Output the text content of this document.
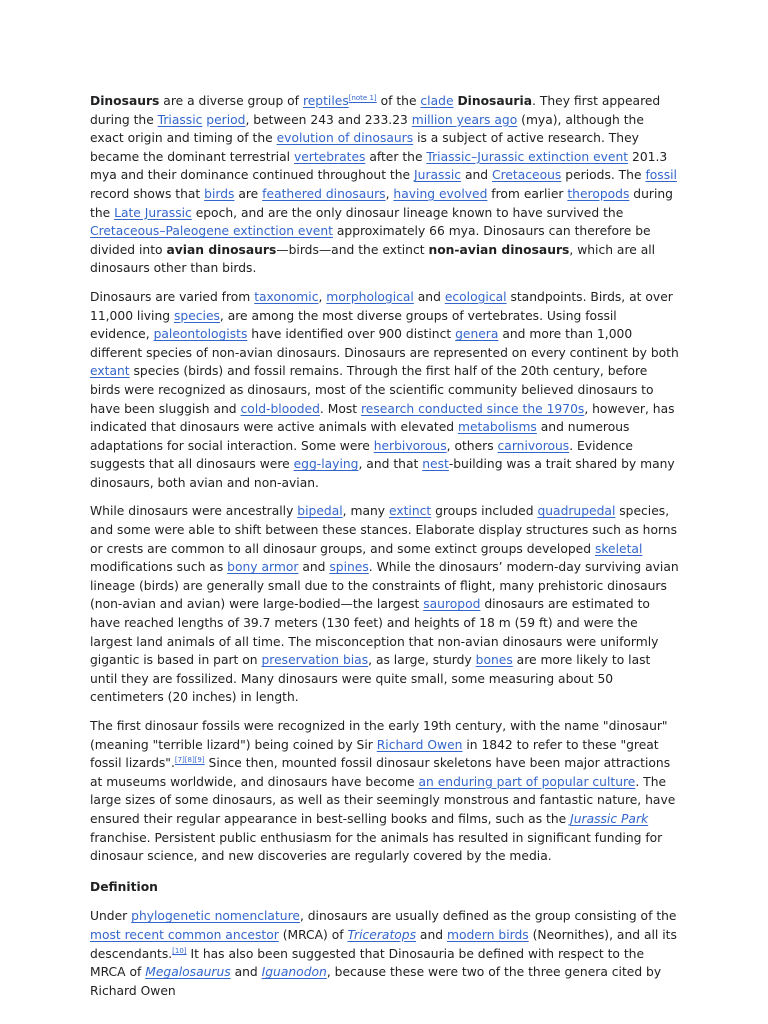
Dinosaurs are a diverse group of reptiles[note 1] of the clade Dinosauria. They first appeared during the Triassic period, between 243 and 233.23 million years ago (mya), although the exact origin and timing of the evolution of dinosaurs is a subject of active research. They became the dominant terrestrial vertebrates after the Triassic–Jurassic extinction event 201.3 mya and their dominance continued throughout the Jurassic and Cretaceous periods. The fossil record shows that birds are feathered dinosaurs, having evolved from earlier theropods during the Late Jurassic epoch, and are the only dinosaur lineage known to have survived the Cretaceous–Paleogene extinction event approximately 66 mya. Dinosaurs can therefore be divided into avian dinosaurs—birds—and the extinct non-avian dinosaurs, which are all dinosaurs other than birds.

Dinosaurs are varied from taxonomic, morphological and ecological standpoints. Birds, at over 11,000 living species, are among the most diverse groups of vertebrates. Using fossil evidence, paleontologists have identified over 900 distinct genera and more than 1,000 different species of non-avian dinosaurs. Dinosaurs are represented on every continent by both extant species (birds) and fossil remains. Through the first half of the 20th century, before birds were recognized as dinosaurs, most of the scientific community believed dinosaurs to have been sluggish and cold-blooded. Most research conducted since the 1970s, however, has indicated that dinosaurs were active animals with elevated metabolisms and numerous adaptations for social interaction. Some were herbivorous, others carnivorous. Evidence suggests that all dinosaurs were egg-laying, and that nest-building was a trait shared by many dinosaurs, both avian and non-avian.

While dinosaurs were ancestrally bipedal, many extinct groups included quadrupedal species, and some were able to shift between these stances. Elaborate display structures such as horns or crests are common to all dinosaur groups, and some extinct groups developed skeletal modifications such as bony armor and spines. While the dinosaurs’ modern-day surviving avian lineage (birds) are generally small due to the constraints of flight, many prehistoric dinosaurs (non-avian and avian) were large-bodied—the largest sauropod dinosaurs are estimated to have reached lengths of 39.7 meters (130 feet) and heights of 18 m (59 ft) and were the largest land animals of all time. The misconception that non-avian dinosaurs were uniformly gigantic is based in part on preservation bias, as large, sturdy bones are more likely to last until they are fossilized. Many dinosaurs were quite small, some measuring about 50 centimeters (20 inches) in length.

The first dinosaur fossils were recognized in the early 19th century, with the name "dinosaur" (meaning "terrible lizard") being coined by Sir Richard Owen in 1842 to refer to these "great fossil lizards".[7][8][9] Since then, mounted fossil dinosaur skeletons have been major attractions at museums worldwide, and dinosaurs have become an enduring part of popular culture. The large sizes of some dinosaurs, as well as their seemingly monstrous and fantastic nature, have ensured their regular appearance in best-selling books and films, such as the Jurassic Park franchise. Persistent public enthusiasm for the animals has resulted in significant funding for dinosaur science, and new discoveries are regularly covered by the media.

Definition

Under phylogenetic nomenclature, dinosaurs are usually defined as the group consisting of the most recent common ancestor (MRCA) of Triceratops and modern birds (Neornithes), and all its descendants.[10] It has also been suggested that Dinosauria be defined with respect to the MRCA of Megalosaurus and Iguanodon, because these were two of the three genera cited by Richard Owen
